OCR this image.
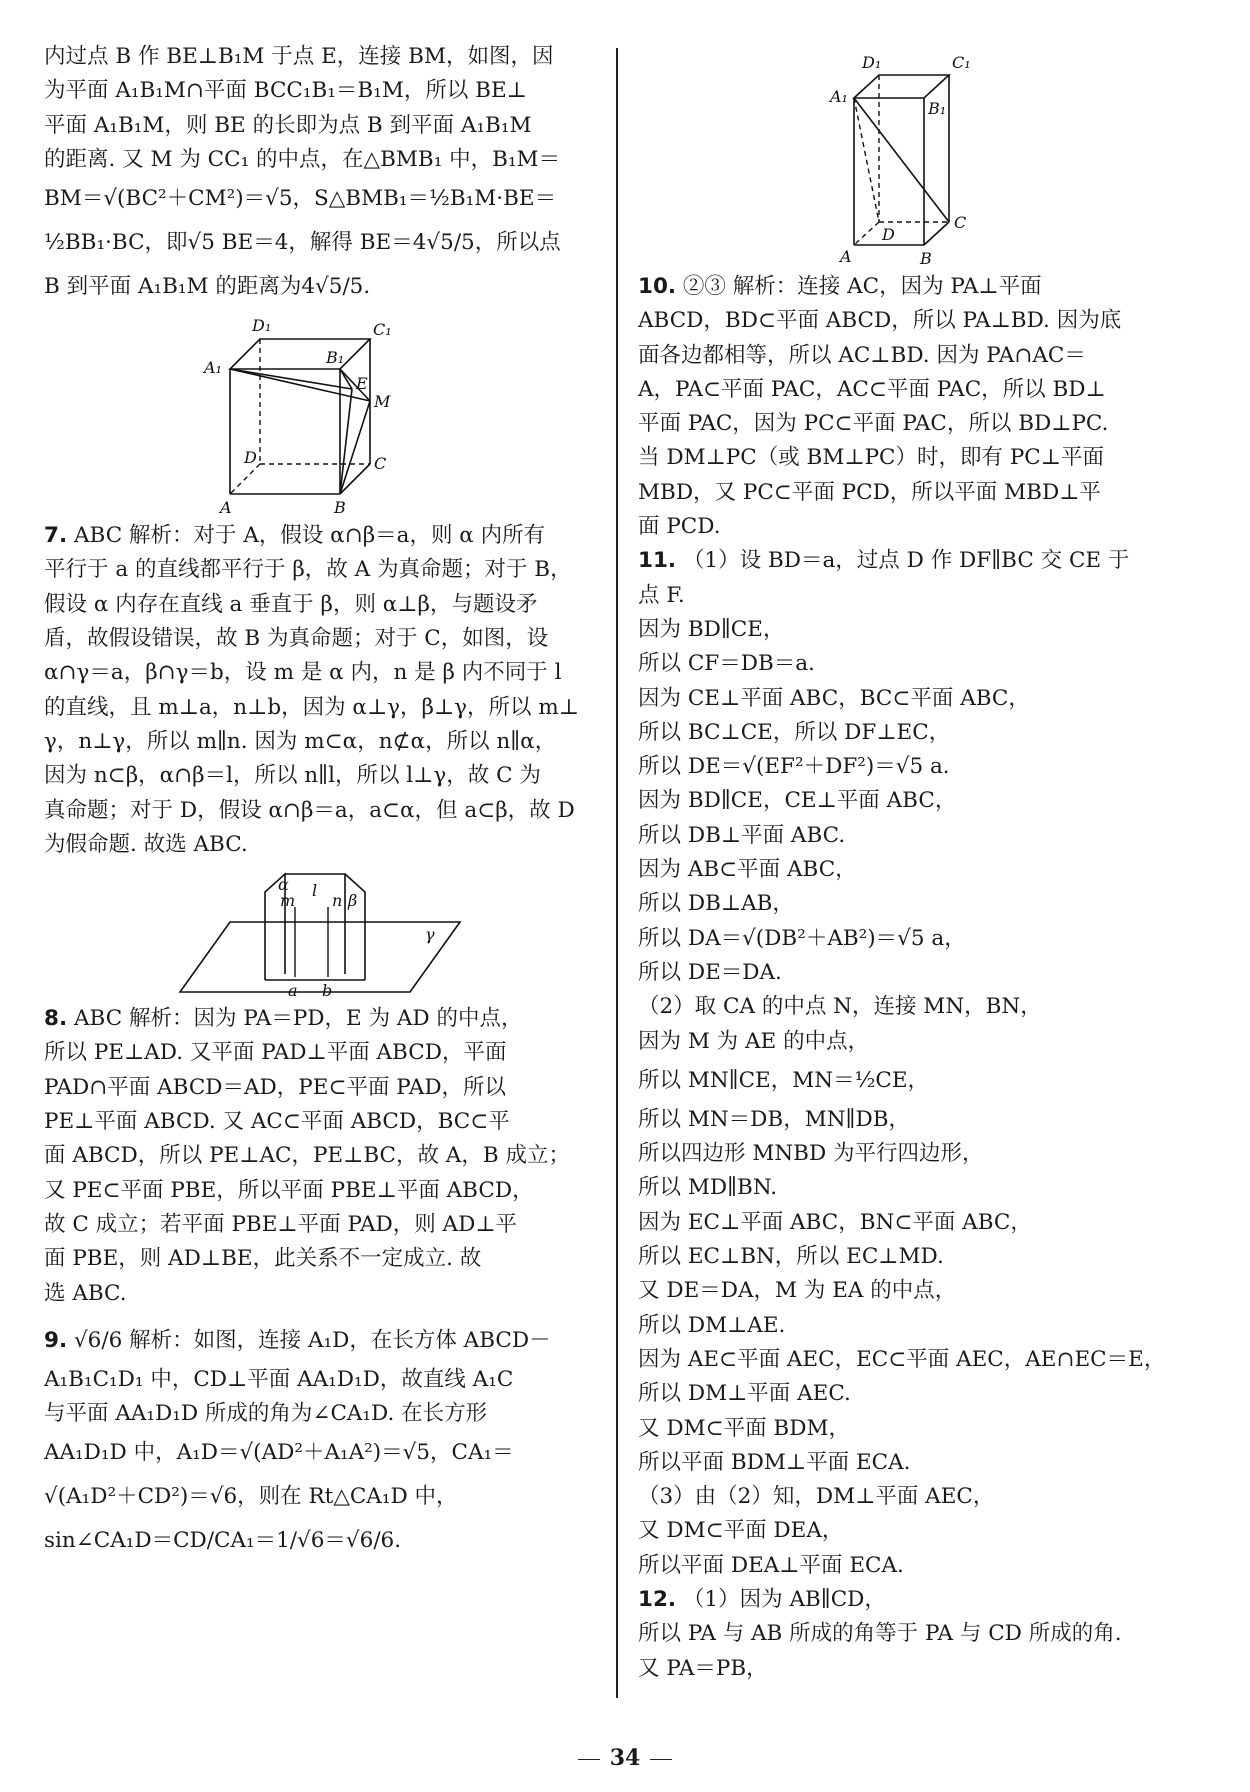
内过点 B 作 BE⊥B₁M 于点 E，连接 BM，如图，因
为平面 A₁B₁M∩平面 BCC₁B₁＝B₁M，所以 BE⊥
平面 A₁B₁M，则 BE 的长即为点 B 到平面 A₁B₁M
的距离. 又 M 为 CC₁ 的中点，在△BMB₁ 中，B₁M＝
BM＝√(BC²＋CM²)＝√5，S△BMB₁＝½B₁M·BE＝
½BB₁·BC，即√5 BE＝4，解得 BE＝4√5/5，所以点
B 到平面 A₁B₁M 的距离为4√5/5.
D₁	C₁
B₁
A₁
E
M
D	C
A	B
7. ABC 解析：对于 A，假设 α∩β＝a，则 α 内所有
平行于 a 的直线都平行于 β，故 A 为真命题；对于 B，
假设 α 内存在直线 a 垂直于 β，则 α⊥β，与题设矛
盾，故假设错误，故 B 为真命题；对于 C，如图，设
α∩γ＝a，β∩γ＝b，设 m 是 α 内，n 是 β 内不同于 l
的直线，且 m⊥a，n⊥b，因为 α⊥γ，β⊥γ，所以 m⊥
γ，n⊥γ，所以 m∥n. 因为 m⊂α，n⊄α，所以 n∥α，
因为 n⊂β，α∩β＝l，所以 n∥l，所以 l⊥γ，故 C 为
真命题；对于 D，假设 α∩β＝a，a⊂α，但 a⊂β，故 D
为假命题. 故选 ABC.
α
m
l
n β
γ
a b
8. ABC 解析：因为 PA＝PD，E 为 AD 的中点，
所以 PE⊥AD. 又平面 PAD⊥平面 ABCD，平面
PAD∩平面 ABCD＝AD，PE⊂平面 PAD，所以
PE⊥平面 ABCD. 又 AC⊂平面 ABCD，BC⊂平
面 ABCD，所以 PE⊥AC，PE⊥BC，故 A，B 成立；
又 PE⊂平面 PBE，所以平面 PBE⊥平面 ABCD，
故 C 成立；若平面 PBE⊥平面 PAD，则 AD⊥平
面 PBE，则 AD⊥BE，此关系不一定成立. 故
选 ABC.
9. √6/6 解析：如图，连接 A₁D，在长方体 ABCD－
A₁B₁C₁D₁ 中，CD⊥平面 AA₁D₁D，故直线 A₁C
与平面 AA₁D₁D 所成的角为∠CA₁D. 在长方形
AA₁D₁D 中，A₁D＝√(AD²＋A₁A²)＝√5，CA₁＝
√(A₁D²＋CD²)＝√6，则在 Rt△CA₁D 中，
sin∠CA₁D＝CD/CA₁＝1/√6＝√6/6.
D₁	C₁
A₁
B₁
D
C
A	B
10. ②③ 解析：连接 AC，因为 PA⊥平面
ABCD，BD⊂平面 ABCD，所以 PA⊥BD. 因为底
面各边都相等，所以 AC⊥BD. 因为 PA∩AC＝
A，PA⊂平面 PAC，AC⊂平面 PAC，所以 BD⊥
平面 PAC，因为 PC⊂平面 PAC，所以 BD⊥PC.
当 DM⊥PC（或 BM⊥PC）时，即有 PC⊥平面
MBD，又 PC⊂平面 PCD，所以平面 MBD⊥平
面 PCD.
11. （1）设 BD＝a，过点 D 作 DF∥BC 交 CE 于
点 F.
因为 BD∥CE，
所以 CF＝DB＝a.
因为 CE⊥平面 ABC，BC⊂平面 ABC，
所以 BC⊥CE，所以 DF⊥EC，
所以 DE＝√(EF²＋DF²)＝√5 a.
因为 BD∥CE，CE⊥平面 ABC，
所以 DB⊥平面 ABC.
因为 AB⊂平面 ABC，
所以 DB⊥AB，
所以 DA＝√(DB²＋AB²)＝√5 a，
所以 DE＝DA.
（2）取 CA 的中点 N，连接 MN，BN，
因为 M 为 AE 的中点，
所以 MN∥CE，MN＝½CE，
所以 MN＝DB，MN∥DB，
所以四边形 MNBD 为平行四边形，
所以 MD∥BN.
因为 EC⊥平面 ABC，BN⊂平面 ABC，
所以 EC⊥BN，所以 EC⊥MD.
又 DE＝DA，M 为 EA 的中点，
所以 DM⊥AE.
因为 AE⊂平面 AEC，EC⊂平面 AEC，AE∩EC＝E，
所以 DM⊥平面 AEC.
又 DM⊂平面 BDM，
所以平面 BDM⊥平面 ECA.
（3）由（2）知，DM⊥平面 AEC，
又 DM⊂平面 DEA，
所以平面 DEA⊥平面 ECA.
12. （1）因为 AB∥CD，
所以 PA 与 AB 所成的角等于 PA 与 CD 所成的角.
又 PA＝PB，
34
